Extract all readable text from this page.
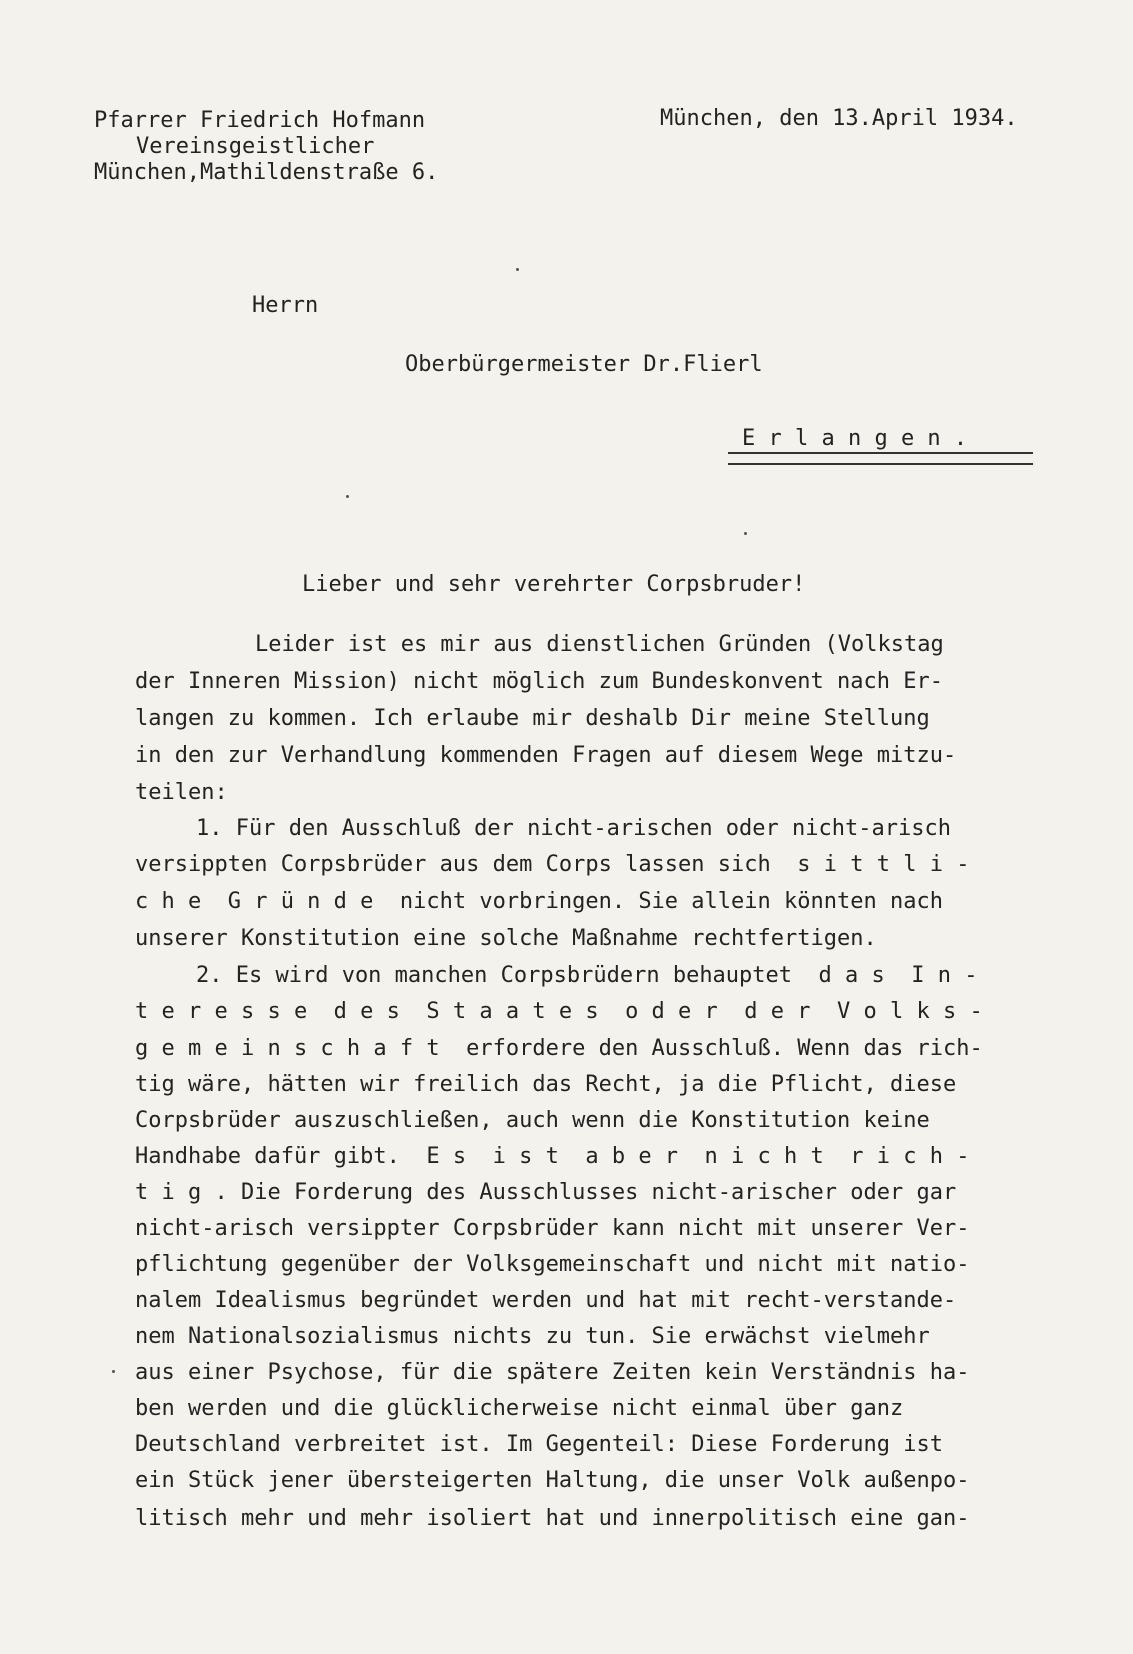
Pfarrer Friedrich Hofmann

Vereinsgeistlicher

München,Mathildenstraße 6.

München, den 13.April 1934.

Herrn

Oberbürgermeister Dr.Flierl

E r l a n g e n .

Lieber und sehr verehrter Corpsbruder!

Leider ist es mir aus dienstlichen Gründen (Volkstag

der Inneren Mission) nicht möglich zum Bundeskonvent nach Er-

langen zu kommen. Ich erlaube mir deshalb Dir meine Stellung

in den zur Verhandlung kommenden Fragen auf diesem Wege mitzu-

teilen:

1. Für den Ausschluß der nicht-arischen oder nicht-arisch

versippten Corpsbrüder aus dem Corps lassen sich  s i t t l i -

c h e  G r ü n d e  nicht vorbringen. Sie allein könnten nach

unserer Konstitution eine solche Maßnahme rechtfertigen.

2. Es wird von manchen Corpsbrüdern behauptet  d a s  I n -

t e r e s s e  d e s  S t a a t e s  o d e r  d e r  V o l k s -

g e m e i n s c h a f t  erfordere den Ausschluß. Wenn das rich-

tig wäre, hätten wir freilich das Recht, ja die Pflicht, diese

Corpsbrüder auszuschließen, auch wenn die Konstitution keine

Handhabe dafür gibt.  E s  i s t  a b e r  n i c h t  r i c h -

t i g . Die Forderung des Ausschlusses nicht-arischer oder gar

nicht-arisch versippter Corpsbrüder kann nicht mit unserer Ver-

pflichtung gegenüber der Volksgemeinschaft und nicht mit natio-

nalem Idealismus begründet werden und hat mit recht-verstande-

nem Nationalsozialismus nichts zu tun. Sie erwächst vielmehr

aus einer Psychose, für die spätere Zeiten kein Verständnis ha-

ben werden und die glücklicherweise nicht einmal über ganz

Deutschland verbreitet ist. Im Gegenteil: Diese Forderung ist

ein Stück jener übersteigerten Haltung, die unser Volk außenpo-

litisch mehr und mehr isoliert hat und innerpolitisch eine gan-
